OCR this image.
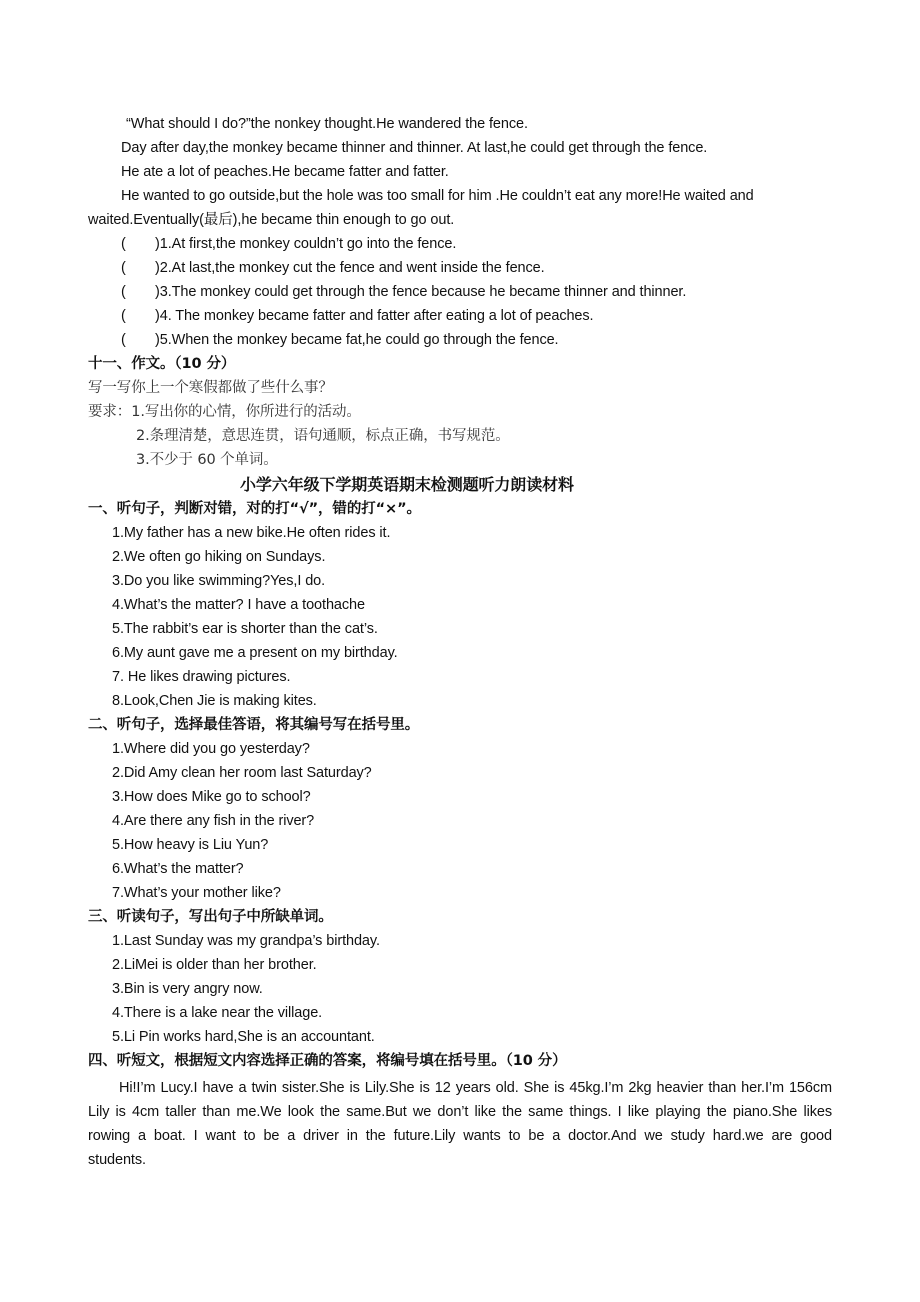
“What should I do?”the nonkey thought.He wandered the fence.
Day after day,the monkey became thinner and thinner. At last,he could get through the fence.
He ate a lot of peaches.He became fatter and fatter.
He wanted to go outside,but the hole was too small for him .He couldn’t eat any more!He waited and
waited.Eventually(最后),he became thin enough to go out.
( )1.At first,the monkey couldn’t go into the fence.
( )2.At last,the monkey cut the fence and went inside the fence.
( )3.The monkey could get through the fence because he became thinner and thinner.
( )4. The monkey became fatter and fatter after eating a lot of peaches.
( )5.When the monkey became fat,he could go through the fence.
十一、作文。（10 分）
写一写你上一个寒假都做了些什么事？
要求：1.写出你的心情，你所进行的活动。
2.条理清楚，意思连贯，语句通顺，标点正确，书写规范。
3.不少于 60 个单词。
小学六年级下学期英语期末检测题听力朗读材料
一、听句子，判断对错，对的打“√”，错的打“×”。
1.My father has a new bike.He often rides it.
2.We often go hiking on Sundays.
3.Do you like swimming?Yes,I do.
4.What’s the matter? I have a toothache
5.The rabbit’s ear is shorter than the cat’s.
6.My aunt gave me a present on my birthday.
7. He likes drawing pictures.
8.Look,Chen Jie is making kites.
二、听句子，选择最佳答语，将其编号写在括号里。
1.Where did you go yesterday?
2.Did Amy clean her room last Saturday?
3.How does Mike go to school?
4.Are there any fish in the river?
5.How heavy is Liu Yun?
6.What’s the matter?
7.What’s your mother like?
三、听读句子，写出句子中所缺单词。
1.Last Sunday was my grandpa’s birthday.
2.LiMei is older than her brother.
3.Bin is very angry now.
4.There is a lake near the village.
5.Li Pin works hard,She is an accountant.
四、听短文，根据短文内容选择正确的答案，将编号填在括号里。（10 分）
Hi!I’m Lucy.I have a twin sister.She is Lily.She is 12 years old. She is 45kg.I’m 2kg heavier than her.I’m 156cm
Lily is 4cm taller than me.We look the same.But we don’t like the same things. I like playing the piano.She likes
rowing a boat. I want to be a driver in the future.Lily wants to be a doctor.And we study hard.we are good
students.
